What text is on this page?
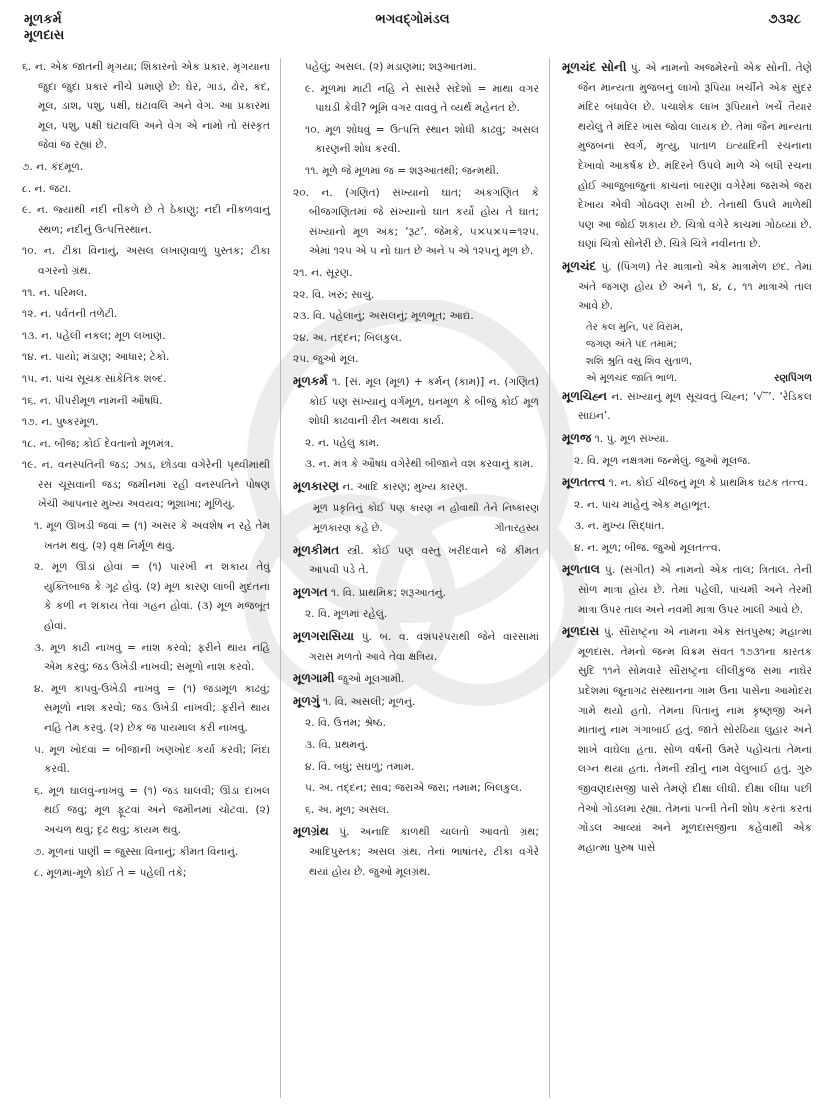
મૂળકર્મ
મૂળદાસ
ભગવદ્‍ગોમંડલ	૭૩૨૮

૬. ન. એક જાતની મૃગયા; શિકારનો એક પ્રકાર. મૃગયાના જુદા જુદા પ્રકાર નીચે પ્રમાણે છે: ઘેર, ગાડ, ઢોર, કંદ, મૂલ, ડાશ, પશુ, પક્ષી, ઘંટાવલિ અને વેગ. આ પ્રકારમાં મૂલ, પશુ, પક્ષી ઘંટાવલિ અને વેગ એ નામો તો સંસ્કૃત જેવાં જ રહ્યાં છે.

૭. ન. કંદમૂળ.

૮. ન. જટા.

૯. ન. જ્યાંથી નદી નીકળે છે તે ઠેકાણું; નદી નીકળવાનું સ્થળ; નદીનું ઉત્પત્તિસ્થાન.

૧૦. ન. ટીકા વિનાનું, અસલ લખાણવાળું પુસ્તક; ટીકા વગરનો ગ્રંથ.

૧૧. ન. પરિમલ.

૧૨. ન. પર્વતની તળેટી.

૧૩. ન. પહેલી નકલ; મૂળ લખાણ.

૧૪. ન. પાયો; મંડાણ; આધાર; ટેકો.

૧૫. ન. પાંચ સૂચક સાંકેતિક શબ્દ.

૧૬. ન. પીપરીમૂળ નામની ઔષધિ.

૧૭. ન. પુષ્કરમૂળ.

૧૮. ન. બીજ; કોઈ દેવતાનો મૂળમંત્ર.

૧૯. ન. વનસ્પતિની જડ; ઝાડ, છોડવા વગેરેની પૃથ્વીમાંથી રસ ચૂસવાની જડ; જમીનમાં રહી વનસ્પતિને પોષણ ખેંચી આપનાર મુખ્ય અવયવ; ભૂશાખા; મૂળિયું.

૧. મૂળ ઊખડી જવાં = (૧) અસર કે અવશેષ ન રહે તેમ ખતમ થવું. (૨) વૃક્ષ નિર્મૂળ થવું.

૨. મૂળ ઊંડાં હોવાં = (૧) પારખી ન શકાય તેવું યુક્તિબાજ કે ગૂઢ હોવું. (૨) મૂળ કારણ લાંબી મુદતનાં કે કળી ન શકાય તેવાં ગહન હોવાં. (૩) મૂળ મજબૂત હોવાં.

૩. મૂળ કાઢી નાખવું = નાશ કરવો; ફરીને થાય નહિ એમ કરવું; જડ ઉખેડી નાખવી; સમૂળો નાશ કરવો.

૪. મૂળ કાપવું-ઉખેડી નાખવું = (૧) જડામૂળ કાઢવું; સમૂળો નાશ કરવો; જડ ઉખેડી નાંખવી; ફરીને થાય નહિ તેમ કરવું. (૨) છેક જ પાયમાલ કરી નાખવું.

૫. મૂળ ખોદવાં = બીજાની ખણખોદ કર્યા કરવી; નિંદા કરવી.

૬. મૂળ ઘાલવું-નાખવું = (૧) જડ ઘાલવી; ઊંડા દાખલ થઈ જવું; મૂળ ફૂટવાં અને જમીનમાં ચોંટવાં. (૨) અચળ થવું; દૃઢ થવું; કાયમ થવું.

૭. મૂળનાં પાણી = જુસ્સા વિનાનું; કીમત વિનાનું.

૮. મૂળમાં-મૂળે કોઈ તે = પહેલી તકે;

પહેલું; અસલ. (૨) મંડાણમાં; શરૂઆતમાં.

૯. મૂળમાં માટી નહિ ને સાસરે સંદેશો = માથા વગર પાઘડી કેવી? ભૂમિ વગર વાવવું તે વ્યર્થ મહેનત છે.

૧૦. મૂળ શોધવું = ઉત્પત્તિ સ્થાન શોધી કાઢવું; અસલ કારણની શોધ કરવી.

૧૧. મૂળે જે મૂળમાં જ = શરૂઆતથી; જન્મથી.

૨૦. ન. (ગણિત) સંખ્યાનો ઘાત; અંકગણિત કે બીજગણિતમાં જે સંખ્યાનો ઘાત કર્યો હોય તે ઘાત; સંખ્યાનો મૂળ અંક; ‘રૂટ’. જેમકે, ૫×૫×૫=૧૨૫. એમાં ૧૨૫ એ ૫ નો ઘાત છે અને ૫ એ ૧૨૫નું મૂળ છે.

૨૧. ન. સૂરણ.

૨૨. વિ. ખરું; સાચું.

૨૩. વિ. પહેલાનું; અસલનું; મૂળભૂત; આદ્ય.

૨૪. અ. તદ્દન; બિલકુલ.

૨૫. જુઓ મૂલ.

મૂળકર્મ ૧. [સં. મૂલ (મૂળ) + કર્મન્ (કામ)] ન. (ગણિત) કોઈ પણ સંખ્યાનું વર્ગમૂળ, ઘનમૂળ કે બીજું કોઈ મૂળ શોધી કાઢવાની રીત અથવા કાર્ય.

૨. ન. પહેલું કામ.

૩. ન. મંત્ર કે ઔષધ વગેરેથી બીજાને વશ કરવાનું કામ.

મૂળકારણ ન. આદિ કારણ; મુખ્ય કારણ.

મૂળ પ્રકૃતિનું કોઈ પણ કારણ ન હોવાથી તેને નિષ્કારણ મૂળકારણ કહે છે.	ગીતારહસ્ય

મૂળકીમત સ્ત્રી. કોઈ પણ વસ્તુ ખરીદવાને જે કીમત આપવી પડે તે.

મૂળગત ૧. વિ. પ્રાથમિક; શરૂઆતનું.

૨. વિ. મૂળમાં રહેલું.

મૂળગરાસિયા પું. બ. વ. વંશપરંપરાથી જેને વારસામાં ગરાસ મળતો આવે તેવા ક્ષત્રિય.

મૂળગામી જુઓ મૂલગામી.

મૂળગું ૧. વિ. અસલી; મૂળનું.

૨. વિ. ઉત્તમ; શ્રેષ્ઠ.

૩. વિ. પ્રથમનું.

૪. વિ. બધું; સઘળું; તમામ.

૫. અ. તદ્દન; સાવ; જરાએ જરા; તમામ; બિલકુલ.

૬. અ. મૂળ; અસલ.

મૂળગ્રંથ પું. અનાદિ કાળથી ચાલતો આવતો ગ્રંથ; આદિપુસ્તક; અસલ ગ્રંથ. તેનાં ભાષાંતર, ટીકા વગેરે થયાં હોય છે. જુઓ મૂલગ્રંથ.

મૂળચંદ સોની પું. એ નામનો અજમેરનો એક સોની. તેણે જૈન માન્યતા મુજબનું લાખો રૂપિયા ખર્ચીને એક સુંદર મંદિર બંધાવેલ છે. પચાશેક લાખ રૂપિયાને ખર્ચે તૈયાર થયેલું તે મંદિર ખાસ જોવા લાયક છે. તેમાં જૈન માન્યતા મુજબનાં સ્વર્ગ, મૃત્યુ, પાતાળ ઇત્યાદિની રચનાના દેખાવો આકર્ષક છે. મંદિરને ઉપલે માળે એ બધી રચના હોઈ આજુબાજુનાં કાચનાં બારણાં વગેરેમાં જરાએ જરા દેખાય એવી ગોઠવણ રાખી છે. તેનાથી ઉપલે માળેથી પણ આ જોઈ શકાય છે. ચિત્રો વગેરે કાચમાં ગોઠવ્યાં છે. ઘણાં ચિત્રો સોનેરી છે. ચિત્રે ચિત્રે નવીનતા છે.

મૂળચંદ પું. (પિંગળ) તેર માત્રાનો એક માત્રામેળ છંદ. તેમાં અંતે જગણ હોય છે અને ૧, ૪, ૮, ૧૧ માત્રાએ તાલ આવે છે.

તેર કલ મુનિ, પર વિરામ,
જગણ અંતે પદ તમામ;
શશિ શ્રુતિ વસુ શિવ સુતાળ,
એ મૂળચંદ જાતિ ભાળ.	રણપિંગળ

મૂળચિહ્ન ન. સંખ્યાનું મૂળ સૂચવતું ચિહ્ન; ‘√‾’. ‘રેડિકલ સાઇન’.

મૂળજ ૧. પું. મૂળ સંખ્યા.

૨. વિ. મૂળ નક્ષત્રમાં જન્મેલું. જુઓ મૂલજ.

મૂળતત્ત્વ ૧. ન. કોઈ ચીજનું મૂળ કે પ્રાથમિક ઘટક તત્ત્વ.

૨. ન. પાંચ માંહેનું એક મહાભૂત.

૩. ન. મુખ્ય સિદ્ધાંત.

૪. ન. મૂળ; બીજ. જુઓ મૂલતત્ત્વ.

મૂળતાલ પું. (સંગીત) એ નામનો એક તાલ; ત્રિતાલ. તેની સોળ માત્રા હોય છે. તેમાં પહેલી, પાંચમી અને તેરમી માત્રા ઉપર તાલ અને નવમી માત્રા ઉપર ખાલી આવે છે.

મૂળદાસ પું. સૌરાષ્ટ્રના એ નામના એક સંતપુરુષ; મહાત્મા મૂળદાસ. તેમનો જન્મ વિક્રમ સંવત ૧૭૩૧ના કારતક સુદિ ૧૧ને સોમવારે સૌરાષ્ટ્રના લીલીકુંજ સમા નાઘેર પ્રદેશમાં જૂનાગઢ સંસ્થાનના ગામ ઉના પાસેના આમોદરા ગામે થયો હતો. તેમના પિતાનું નામ કૃષ્ણજી અને માતાનું નામ ગંગાબાઈ હતું. જાતે સોરઠિયા લુહાર અને શાખે વાઘેલા હતા. સોળ વર્ષની ઉંમરે પહોંચતાં તેમનાં લગ્ન થયાં હતાં. તેમની સ્ત્રીનું નામ વેલુબાઈ હતું. ગુરુ જીવણદાસજી પાસે તેમણે દીક્ષા લીધી. દીક્ષા લીધા પછી તેઓ ગોંડલમાં રહ્યા. તેમનાં પત્ની તેની શોધ કરતાં કરતાં ગોંડલ આવ્યાં અને મૂળદાસજીના કહેવાથી એક મહાત્મા પુરુષ પાસે
